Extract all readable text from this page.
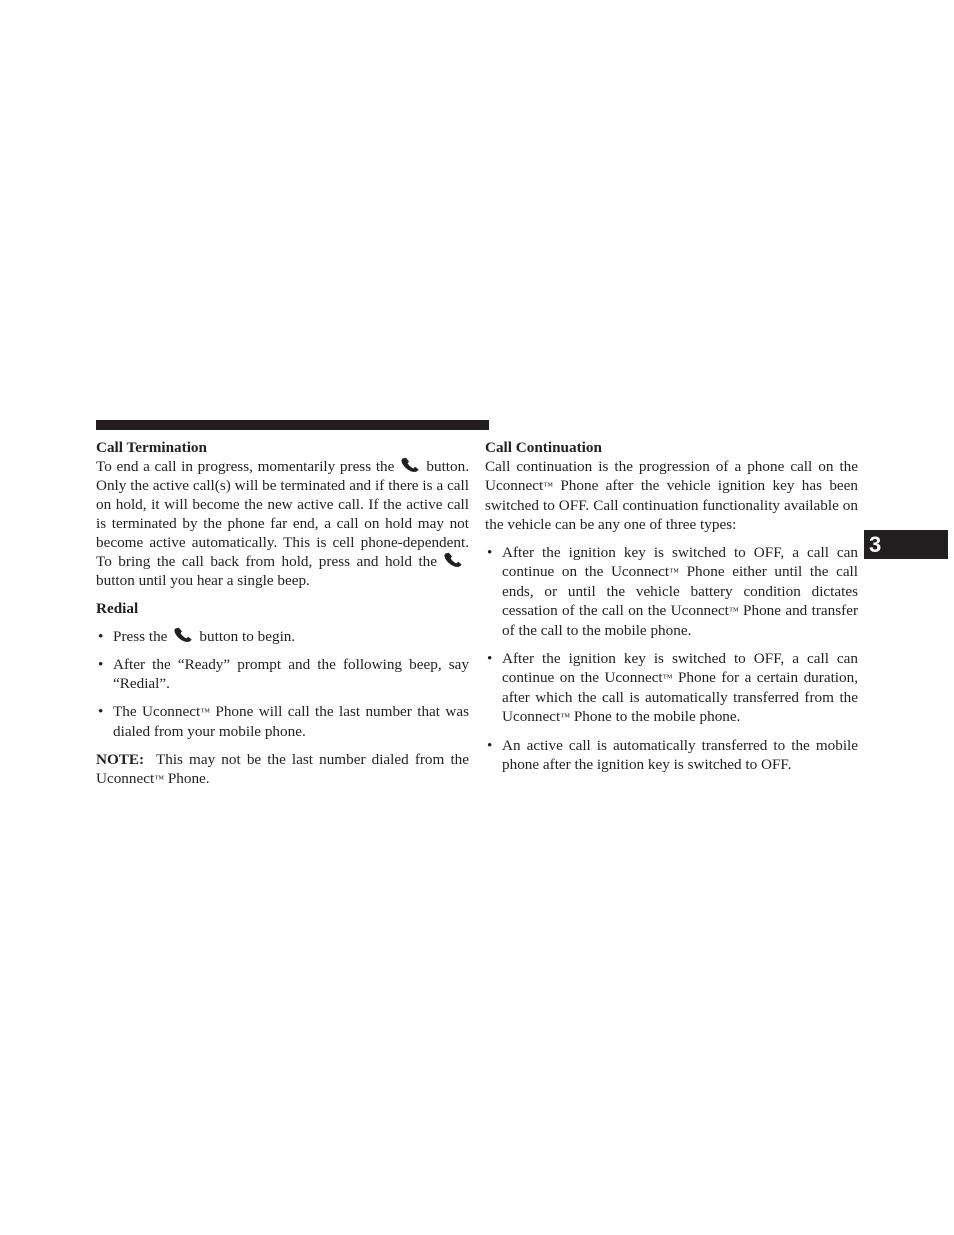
Call Termination

To end a call in progress, momentarily press the button. Only the active call(s) will be terminated and if there is a call on hold, it will become the new active call. If the active call is terminated by the phone far end, a call on hold may not become active automatically. This is cell phone-dependent. To bring the call back from hold, press and hold thebutton until you hear a single beep.

Redial
• Press the button to begin.
• After the “Ready” prompt and the following beep, say “Redial”.
• The Uconnect™ Phone will call the last number that was dialed from your mobile phone.

NOTE: This may not be the last number dialed from the Uconnect™ Phone.

Call Continuation

Call continuation is the progression of a phone call on the Uconnect™ Phone after the vehicle ignition key has been switched to OFF. Call continuation functionality available on the vehicle can be any one of three types:

• After the ignition key is switched to OFF, a call can continue on the Uconnect™ Phone either until the call ends, or until the vehicle battery condition dictates cessation of the call on the Uconnect™ Phone and transfer of the call to the mobile phone.
• After the ignition key is switched to OFF, a call can continue on the Uconnect™ Phone for a certain duration, after which the call is automatically transferred from the Uconnect™ Phone to the mobile phone.
• An active call is automatically transferred to the mobile phone after the ignition key is switched to OFF.
3
